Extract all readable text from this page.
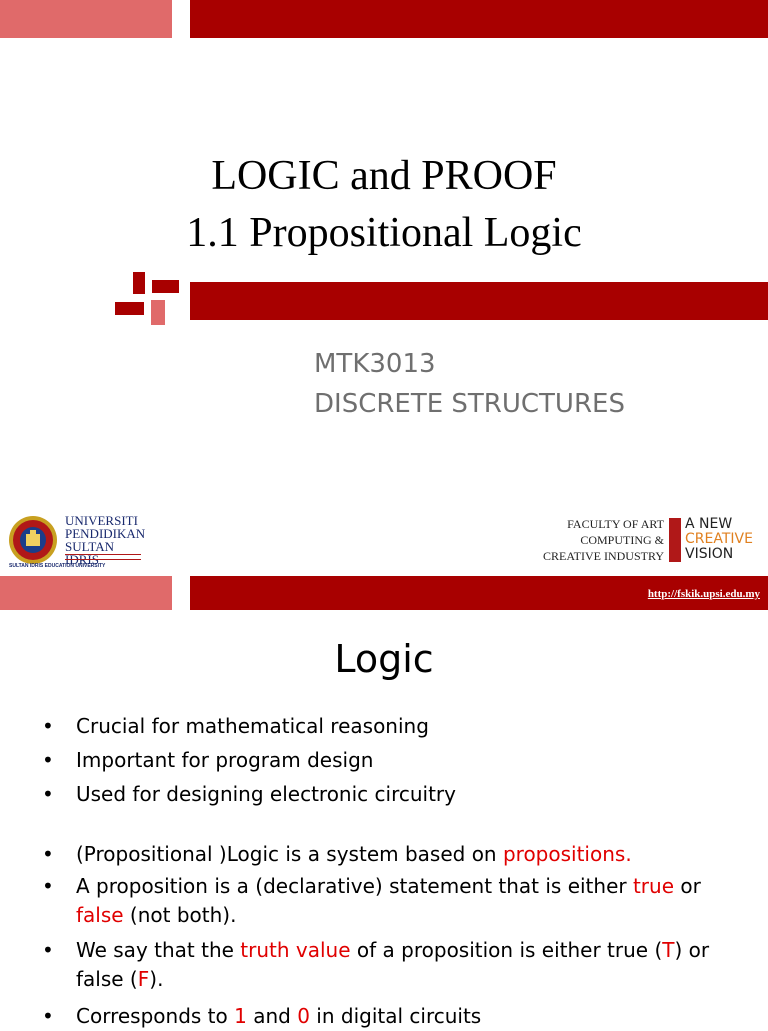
LOGIC and PROOF
1.1 Propositional Logic
MTK3013
DISCRETE STRUCTURES
UNIVERSITI
PENDIDIKAN
SULTAN IDRIS
SULTAN IDRIS EDUCATION UNIVERSITY
FACULTY OF ART
COMPUTING &
CREATIVE INDUSTRY
A NEW
CREATIVE
VISION
http://fskik.upsi.edu.my
Logic
• Crucial for mathematical reasoning
• Important for program design
• Used for designing electronic circuitry
• (Propositional )Logic is a system based on propositions.
• A proposition is a (declarative) statement that is either true or
false (not both).
• We say that the truth value of a proposition is either true (T) or false (F).
• Corresponds to 1 and 0 in digital circuits
